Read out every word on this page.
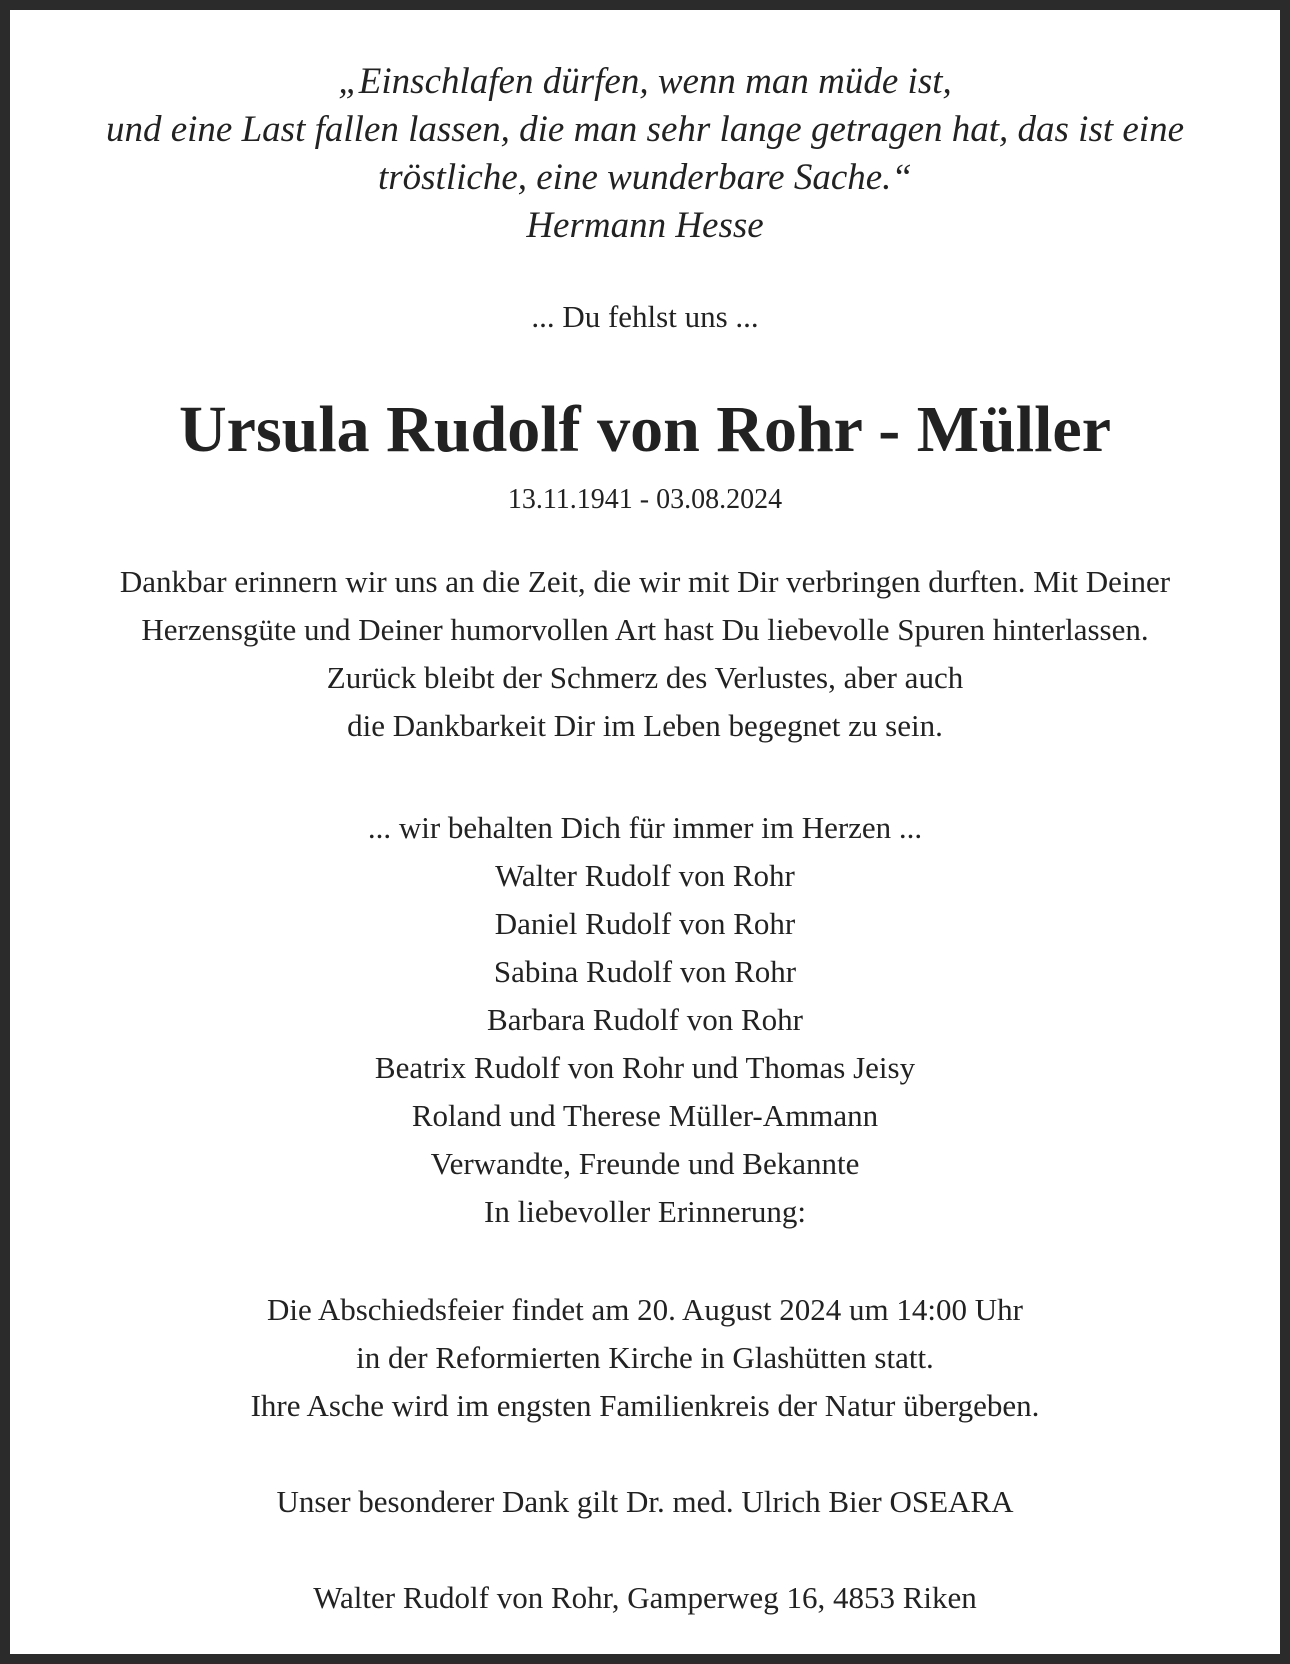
„Einschlafen dürfen, wenn man müde ist,
und eine Last fallen lassen, die man sehr lange getragen hat, das ist eine
tröstliche, eine wunderbare Sache.“
Hermann Hesse
... Du fehlst uns ...
Ursula Rudolf von Rohr - Müller
13.11.1941 - 03.08.2024
Dankbar erinnern wir uns an die Zeit, die wir mit Dir verbringen durften. Mit Deiner
Herzensgüte und Deiner humorvollen Art hast Du liebevolle Spuren hinterlassen.
Zurück bleibt der Schmerz des Verlustes, aber auch
die Dankbarkeit Dir im Leben begegnet zu sein.
... wir behalten Dich für immer im Herzen ...
Walter Rudolf von Rohr
Daniel Rudolf von Rohr
Sabina Rudolf von Rohr
Barbara Rudolf von Rohr
Beatrix Rudolf von Rohr und Thomas Jeisy
Roland und Therese Müller-Ammann
Verwandte, Freunde und Bekannte
In liebevoller Erinnerung:
Die Abschiedsfeier findet am 20. August 2024 um 14:00 Uhr
in der Reformierten Kirche in Glashütten statt.
Ihre Asche wird im engsten Familienkreis der Natur übergeben.
Unser besonderer Dank gilt Dr. med. Ulrich Bier OSEARA
Walter Rudolf von Rohr, Gamperweg 16, 4853 Riken
